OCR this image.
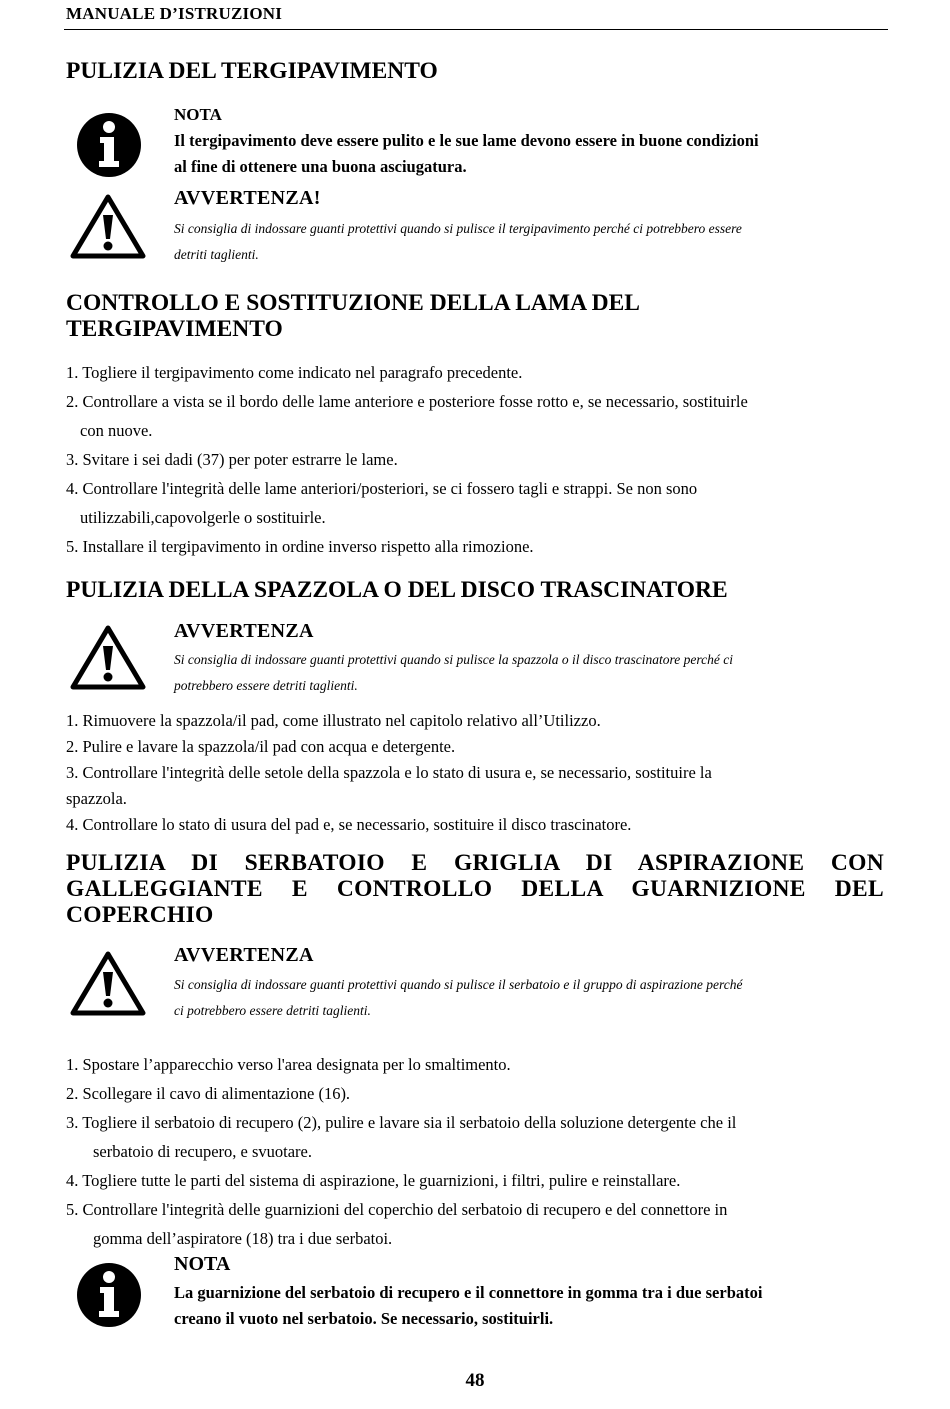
MANUALE D’ISTRUZIONI
PULIZIA DEL TERGIPAVIMENTO
NOTA
Il tergipavimento deve essere pulito e le sue lame devono essere in buone condizioni
al fine di ottenere una buona asciugatura.
AVVERTENZA!
Si consiglia di indossare guanti protettivi quando si pulisce il tergipavimento perché ci potrebbero essere
detriti taglienti.
CONTROLLO E SOSTITUZIONE DELLA LAMA DEL
TERGIPAVIMENTO
1. Togliere il tergipavimento come indicato nel paragrafo precedente.
2. Controllare a vista se il bordo delle lame anteriore e posteriore fosse rotto e, se necessario, sostituirle
con nuove.
3. Svitare i sei dadi (37) per poter estrarre le lame.
4. Controllare l'integrità delle lame anteriori/posteriori, se ci fossero tagli e strappi. Se non sono
utilizzabili,capovolgerle o sostituirle.
5. Installare il tergipavimento in ordine inverso rispetto alla rimozione.
PULIZIA DELLA SPAZZOLA O DEL DISCO TRASCINATORE
AVVERTENZA
Si consiglia di indossare guanti protettivi quando si pulisce la spazzola o il disco trascinatore perché ci
potrebbero essere detriti taglienti.
1. Rimuovere la spazzola/il pad, come illustrato nel capitolo relativo all’Utilizzo.
2. Pulire e lavare la spazzola/il pad con acqua e detergente.
3. Controllare l'integrità delle setole della spazzola e lo stato di usura e, se necessario, sostituire la
spazzola.
4. Controllare lo stato di usura del pad e, se necessario, sostituire il disco trascinatore.
PULIZIA DI SERBATOIO E GRIGLIA DI ASPIRAZIONE CON
GALLEGGIANTE E CONTROLLO DELLA GUARNIZIONE DEL
COPERCHIO
AVVERTENZA
Si consiglia di indossare guanti protettivi quando si pulisce il serbatoio e il gruppo di aspirazione perché
ci potrebbero essere detriti taglienti.
1. Spostare l’apparecchio verso l'area designata per lo smaltimento.
2. Scollegare il cavo di alimentazione (16).
3. Togliere il serbatoio di recupero (2), pulire e lavare sia il serbatoio della soluzione detergente che il
serbatoio di recupero, e svuotare.
4. Togliere tutte le parti del sistema di aspirazione, le guarnizioni, i filtri, pulire e reinstallare.
5. Controllare l'integrità delle guarnizioni del coperchio del serbatoio di recupero e del connettore in
gomma dell’aspiratore (18) tra i due serbatoi.
NOTA
La guarnizione del serbatoio di recupero e il connettore in gomma tra i due serbatoi
creano il vuoto nel serbatoio. Se necessario, sostituirli.
48
